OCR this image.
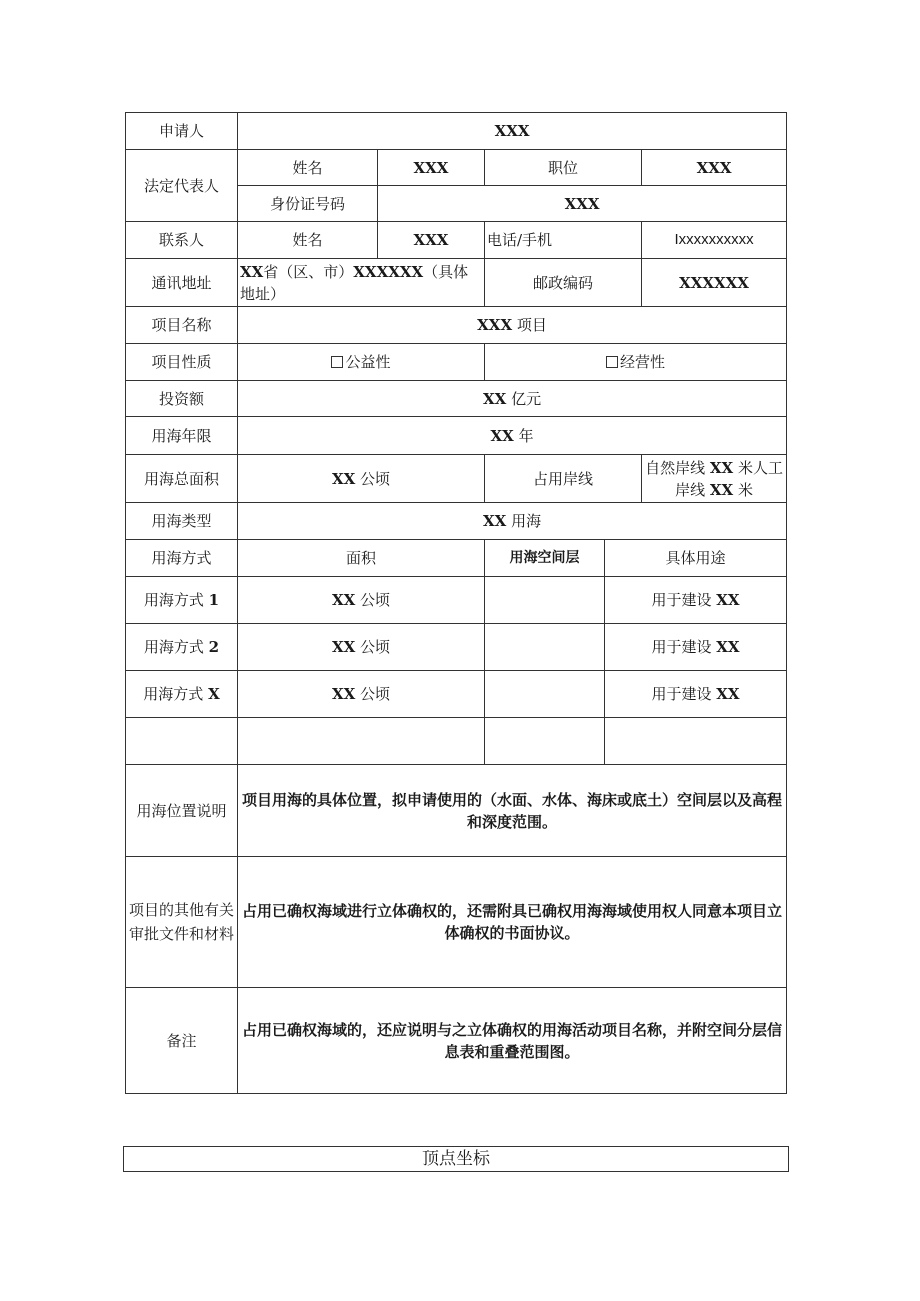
申请人	XXX				
法定代表人	姓名	XXX	职位		XXX
	身份证号码	XXX			
联系人	姓名	XXX	电话/手机		Ixxxxxxxxxx
通讯地址	XX省（区、市）XXXXXX（具体地址）		邮政编码		XXXXXX
项目名称	XXX 项目				
项目性质	公益性		经营性		
投资额	XX 亿元				
用海年限	XX 年				
用海总面积	XX 公顷		占用岸线		自然岸线 XX 米人工岸线 XX 米
用海类型	XX 用海				
用海方式	面积		用海空间层	具体用途	
用海方式 1	XX 公顷			用于建设 XX	
用海方式 2	XX 公顷			用于建设 XX	
用海方式 X	XX 公顷			用于建设 XX	

用海位置说明	项目用海的具体位置，拟申请使用的（水面、水体、海床或底土）空间层以及高程和深度范围。				
项目的其他有关审批文件和材料	占用已确权海域进行立体确权的，还需附具已确权用海海域使用权人同意本项目立体确权的书面协议。				
备注	占用已确权海域的，还应说明与之立体确权的用海活动项目名称，并附空间分层信息表和重叠范围图。				
顶点坐标
